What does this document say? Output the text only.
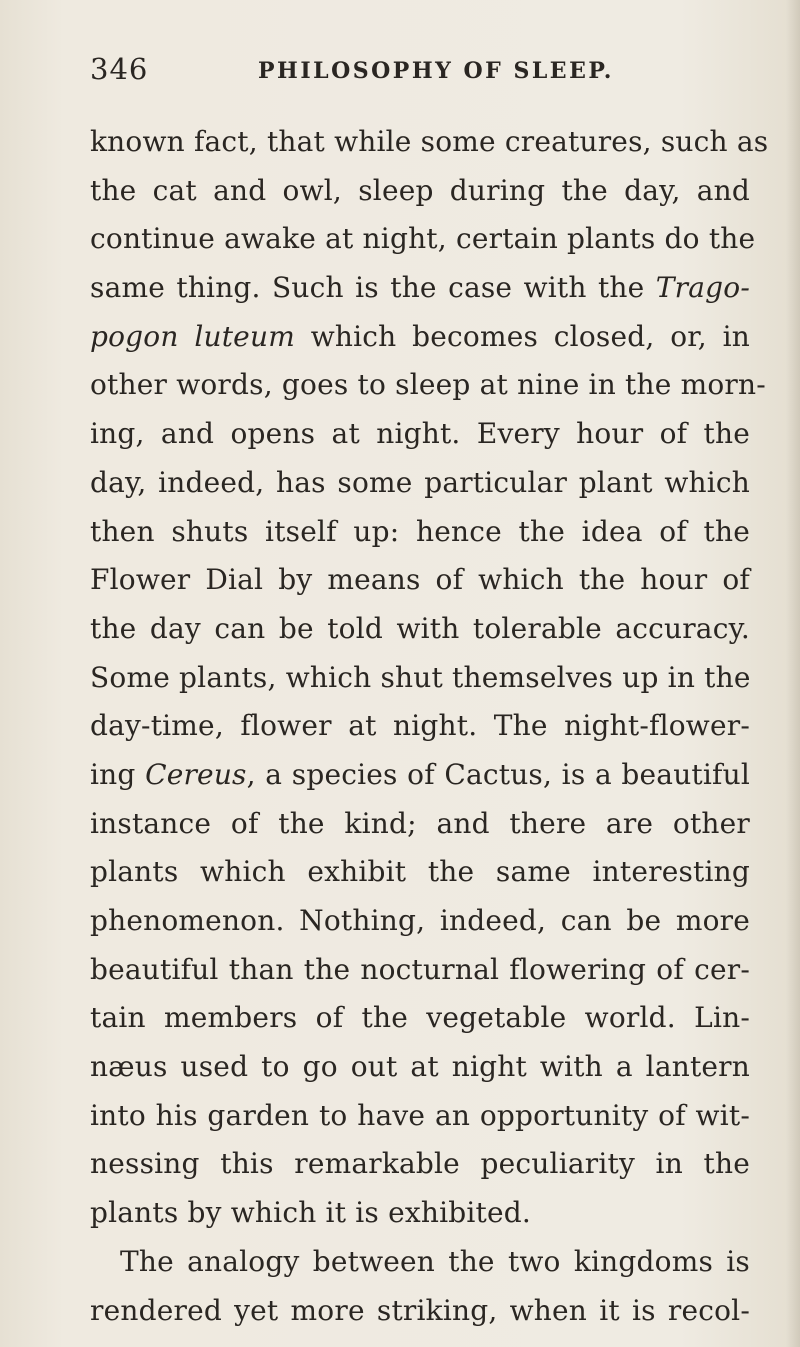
346	PHILOSOPHY OF SLEEP.
known fact, that while some creatures, such as
the cat and owl, sleep during the day, and
continue awake at night, certain plants do the
same thing. Such is the case with the Trago-
pogon luteum which becomes closed, or, in
other words, goes to sleep at nine in the morn-
ing, and opens at night. Every hour of the
day, indeed, has some particular plant which
then shuts itself up: hence the idea of the
Flower Dial by means of which the hour of
the day can be told with tolerable accuracy.
Some plants, which shut themselves up in the
day-time, flower at night. The night-flower-
ing Cereus, a species of Cactus, is a beautiful
instance of the kind; and there are other
plants which exhibit the same interesting
phenomenon. Nothing, indeed, can be more
beautiful than the nocturnal flowering of cer-
tain members of the vegetable world. Lin-
næus used to go out at night with a lantern
into his garden to have an opportunity of wit-
nessing this remarkable peculiarity in the
plants by which it is exhibited.
The analogy between the two kingdoms is
rendered yet more striking, when it is recol-
